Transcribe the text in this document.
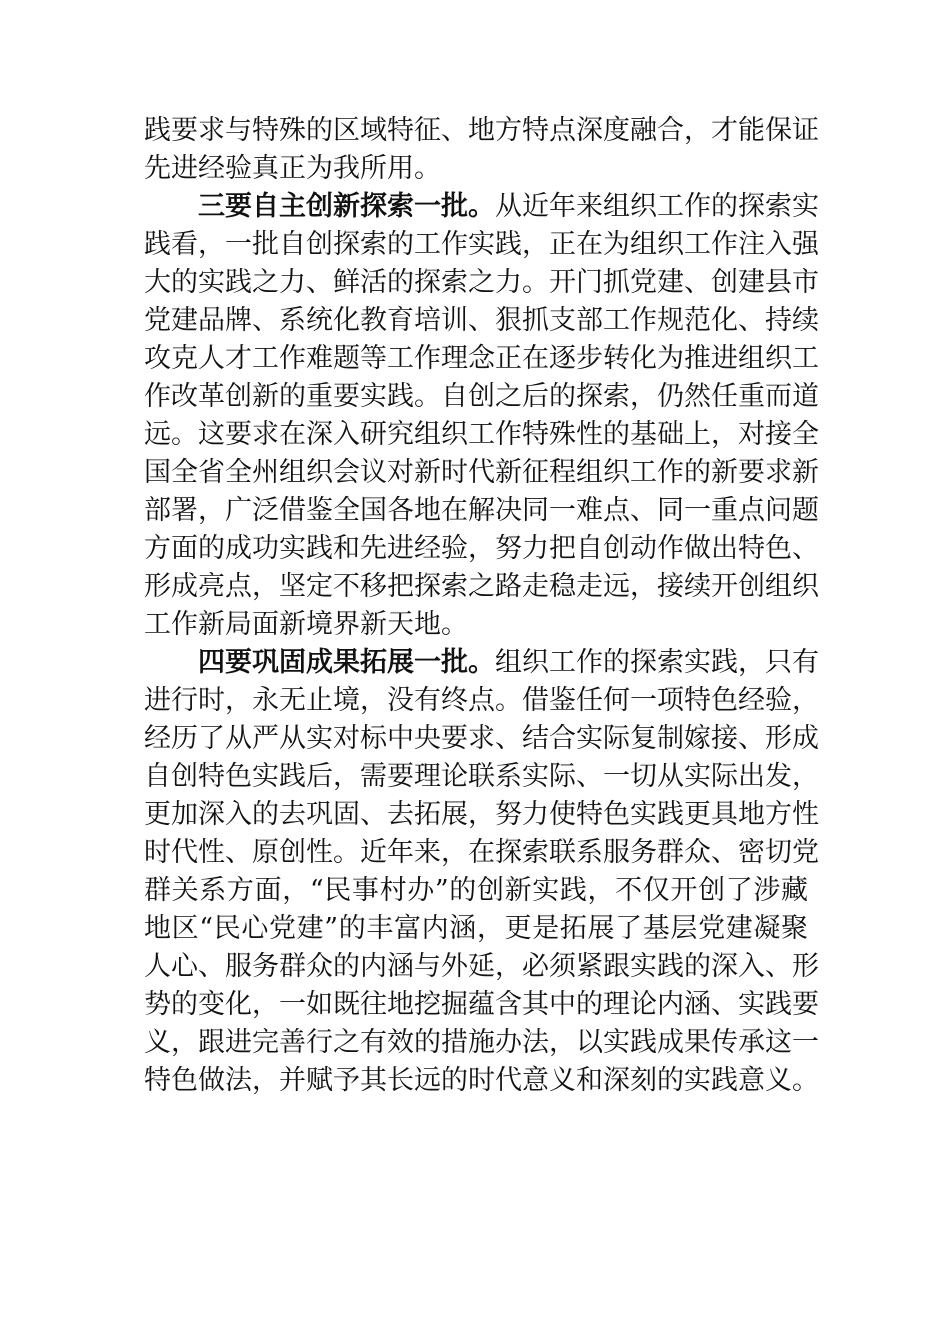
践要求与特殊的区域特征、地方特点深度融合，才能保证
先进经验真正为我所用。
三要自主创新探索一批。从近年来组织工作的探索实
践看，一批自创探索的工作实践，正在为组织工作注入强
大的实践之力、鲜活的探索之力。开门抓党建、创建县市
党建品牌、系统化教育培训、狠抓支部工作规范化、持续
攻克人才工作难题等工作理念正在逐步转化为推进组织工
作改革创新的重要实践。自创之后的探索，仍然任重而道
远。这要求在深入研究组织工作特殊性的基础上，对接全
国全省全州组织会议对新时代新征程组织工作的新要求新
部署，广泛借鉴全国各地在解决同一难点、同一重点问题
方面的成功实践和先进经验，努力把自创动作做出特色、
形成亮点，坚定不移把探索之路走稳走远，接续开创组织
工作新局面新境界新天地。
四要巩固成果拓展一批。组织工作的探索实践，只有
进行时，永无止境，没有终点。借鉴任何一项特色经验，
经历了从严从实对标中央要求、结合实际复制嫁接、形成
自创特色实践后，需要理论联系实际、一切从实际出发，
更加深入的去巩固、去拓展，努力使特色实践更具地方性
时代性、原创性。近年来，在探索联系服务群众、密切党
群关系方面，“民事村办”的创新实践，不仅开创了涉藏
地区“民心党建”的丰富内涵，更是拓展了基层党建凝聚
人心、服务群众的内涵与外延，必须紧跟实践的深入、形
势的变化，一如既往地挖掘蕴含其中的理论内涵、实践要
义，跟进完善行之有效的措施办法，以实践成果传承这一
特色做法，并赋予其长远的时代意义和深刻的实践意义。
